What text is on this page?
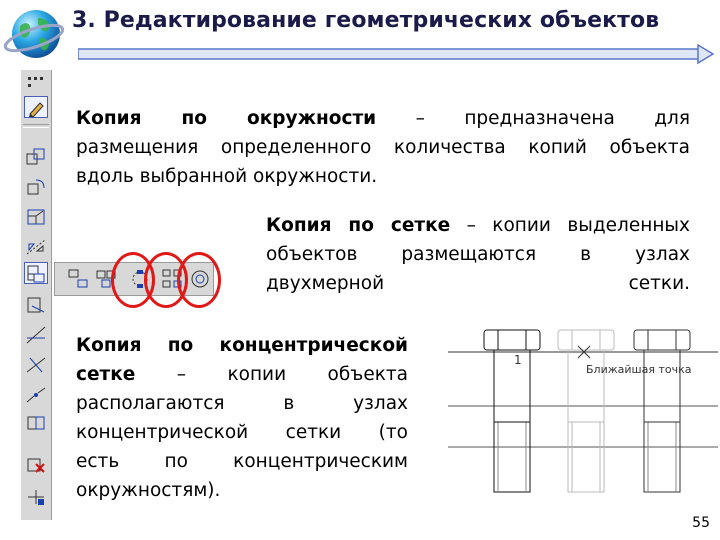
3. Редактирование геометрических объектов
Копия по окружности – предназначена для
размещения определенного количества копий объекта
вдоль выбранной окружности.
Копия по сетке – копии выделенных
объектов размещаются в узлах
двухмерной сетки.
Копия по концентрической
сетке – копии объекта
располагаются в узлах
концентрической сетки (то
есть по концентрическим
окружностям).
1
Ближайшая точка
55
